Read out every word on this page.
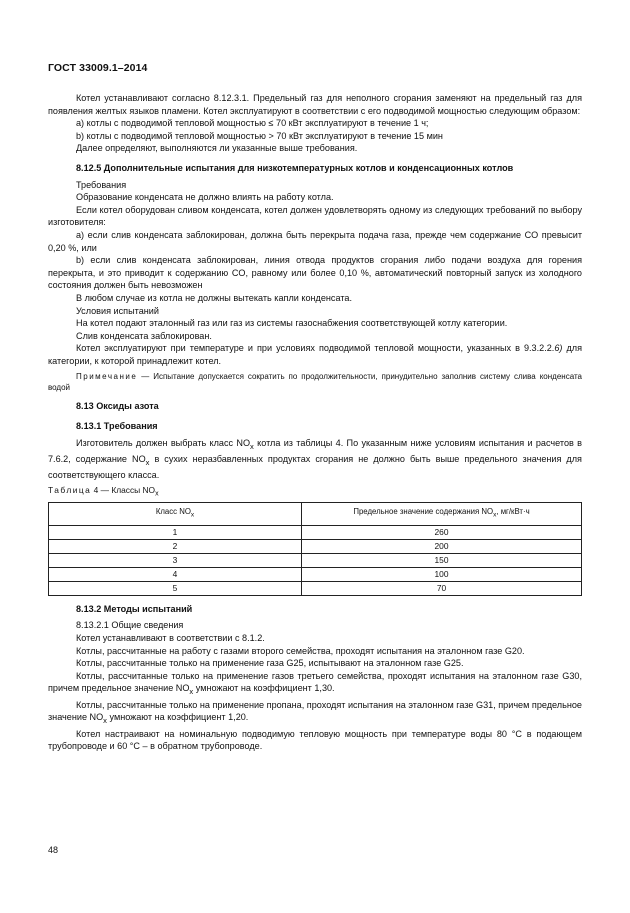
ГОСТ 33009.1–2014

Котел устанавливают согласно 8.12.3.1. Предельный газ для неполного сгорания заменяют на предельный газ для появления желтых языков пламени. Котел эксплуатируют в соответствии с его подводимой мощностью следующим образом:

a) котлы с подводимой тепловой мощностью ≤ 70 кВт эксплуатируют в течение 1 ч;

b) котлы с подводимой тепловой мощностью > 70 кВт эксплуатируют в течение 15 мин

Далее определяют, выполняются ли указанные выше требования.

8.12.5 Дополнительные испытания для низкотемпературных котлов и конденсационных котлов

Требования

Образование конденсата не должно влиять на работу котла.

Если котел оборудован сливом конденсата, котел должен удовлетворять одному из следующих требований по выбору изготовителя:

a) если слив конденсата заблокирован, должна быть перекрыта подача газа, прежде чем содержание CO превысит 0,20 %, или

b) если слив конденсата заблокирован, линия отвода продуктов сгорания либо подачи воздуха для горения перекрыта, и это приводит к содержанию CO, равному или более 0,10 %, автоматический повторный запуск из холодного состояния должен быть невозможен

В любом случае из котла не должны вытекать капли конденсата.

Условия испытаний

На котел подают эталонный газ или газ из системы газоснабжения соответствующей котлу категории.

Слив конденсата заблокирован.

Котел эксплуатируют при температуре и при условиях подводимой тепловой мощности, указанных в 9.3.2.2.6) для категории, к которой принадлежит котел.

Примечание — Испытание допускается сократить по продолжительности, принудительно заполнив систему слива конденсата водой

8.13 Оксиды азота

8.13.1 Требования

Изготовитель должен выбрать класс $NO_x$ котла из таблицы 4. По указанным ниже условиям испытания и расчетов в 7.6.2, содержание $NO_x$ в сухих неразбавленных продуктах сгорания не должно быть выше предельного значения для соответствующего класса.

Таблица 4 — Классы $NO_x$

Класс $NO_x$	Предельное значение содержания $NO_x$, мг/кВт·ч
1	260
2	200
3	150
4	100
5	70

8.13.2 Методы испытаний

8.13.2.1 Общие сведения

Котел устанавливают в соответствии с 8.1.2.

Котлы, рассчитанные на работу с газами второго семейства, проходят испытания на эталонном газе G20.

Котлы, рассчитанные только на применение газа G25, испытывают на эталонном газе G25.

Котлы, рассчитанные только на применение газов третьего семейства, проходят испытания на эталонном газе G30, причем предельное значение $NO_x$ умножают на коэффициент 1,30.

Котлы, рассчитанные только на применение пропана, проходят испытания на эталонном газе G31, причем предельное значение $NO_x$ умножают на коэффициент 1,20.

Котел настраивают на номинальную подводимую тепловую мощность при температуре воды 80 °С в подающем трубопроводе и 60 °С – в обратном трубопроводе.

48
